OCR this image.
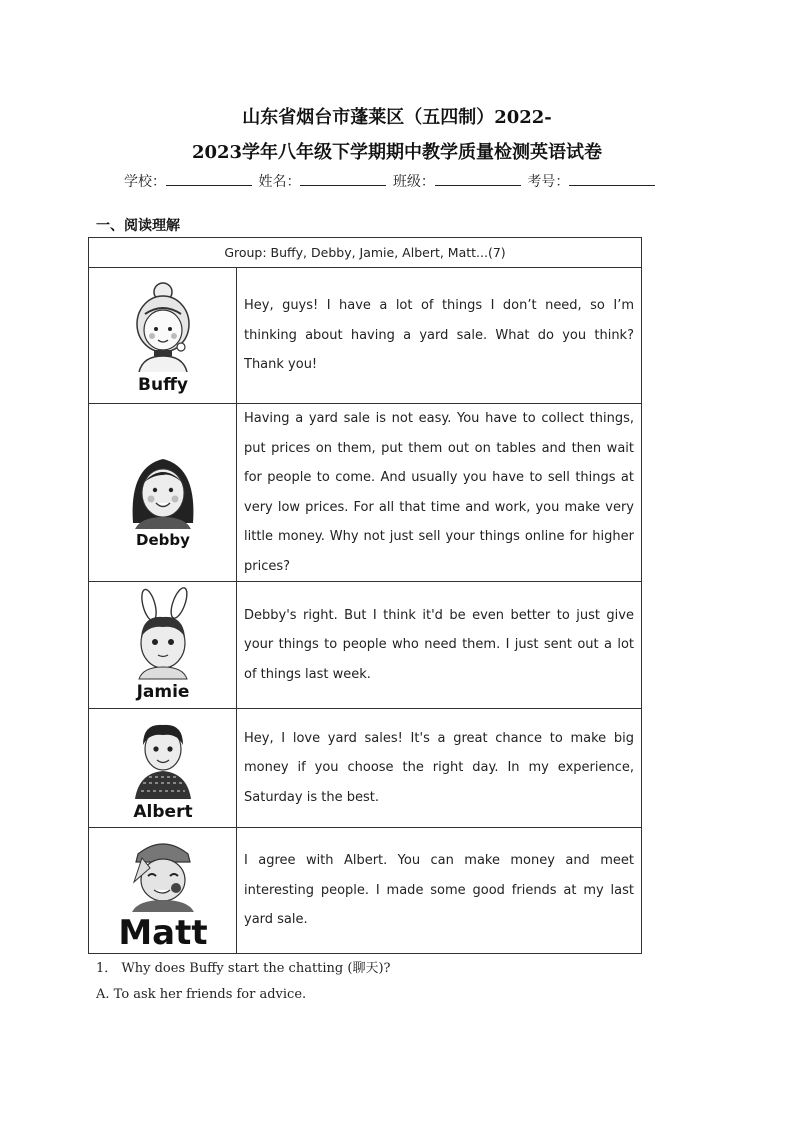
山东省烟台市蓬莱区（五四制）2022-
2023学年八年级下学期期中教学质量检测英语试卷
学校：	姓名：	班级：	考号：
一、阅读理解
Group: Buffy, Debby, Jamie, Albert, Matt...(7)	

Buffy	Hey, guys! I have a lot of things I don’t need, so I’m thinking about having a yard sale. What do you think? Thank you!

Debby	Having a yard sale is not easy. You have to collect things, put prices on them, put them out on tables and then wait for people to come. And usually you have to sell things at very low prices. For all that time and work, you make very little money. Why not just sell your things online for higher prices?

Jamie	Debby's right. But I think it'd be even better to just give your things to people who need them. I just sent out a lot of things last week.

Albert	Hey, I love yard sales! It's a great chance to make big money if you choose the right day. In my experience, Saturday is the best.

Matt	I agree with Albert. You can make money and meet interesting people. I made some good friends at my last yard sale.
1． Why does Buffy start the chatting (聊天)?
A. To ask her friends for advice.
